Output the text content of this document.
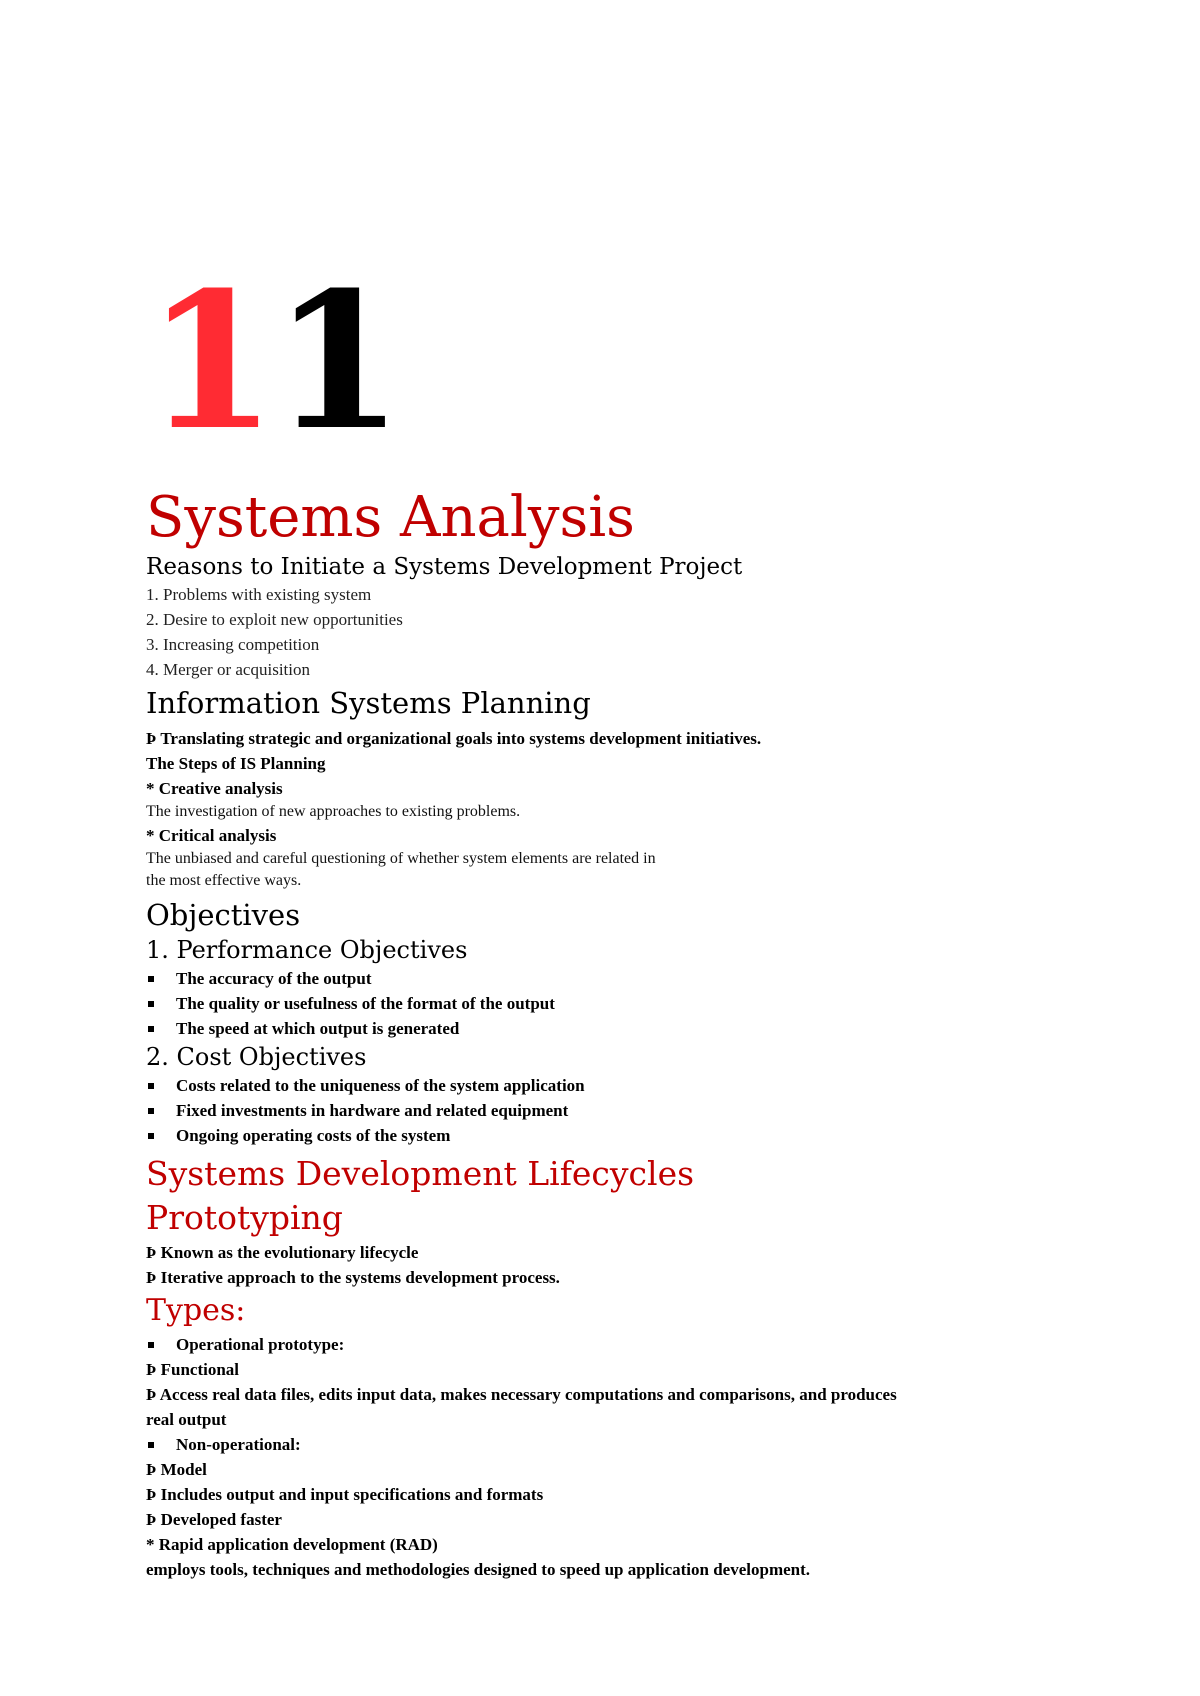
11
Systems Analysis
Reasons to Initiate a Systems Development Project

1. Problems with existing system

2. Desire to exploit new opportunities

3. Increasing competition

4. Merger or acquisition

Information Systems Planning

Þ Translating strategic and organizational goals into systems development initiatives.

The Steps of IS Planning

* Creative analysis

The investigation of new approaches to existing problems.

* Critical analysis

The unbiased and careful questioning of whether system elements are related in

the most effective ways.

Objectives
1. Performance Objectives
The accuracy of the output
The quality or usefulness of the format of the output
The speed at which output is generated
2. Cost Objectives
Costs related to the uniqueness of the system application
Fixed investments in hardware and related equipment
Ongoing operating costs of the system
Systems Development Lifecycles
Prototyping

Þ Known as the evolutionary lifecycle

Þ Iterative approach to the systems development process.

Types:
Operational prototype:

Þ Functional

Þ Access real data files, edits input data, makes necessary computations and comparisons, and produces

real output

Non-operational:

Þ Model

Þ Includes output and input specifications and formats

Þ Developed faster

* Rapid application development (RAD)

employs tools, techniques and methodologies designed to speed up application development.
